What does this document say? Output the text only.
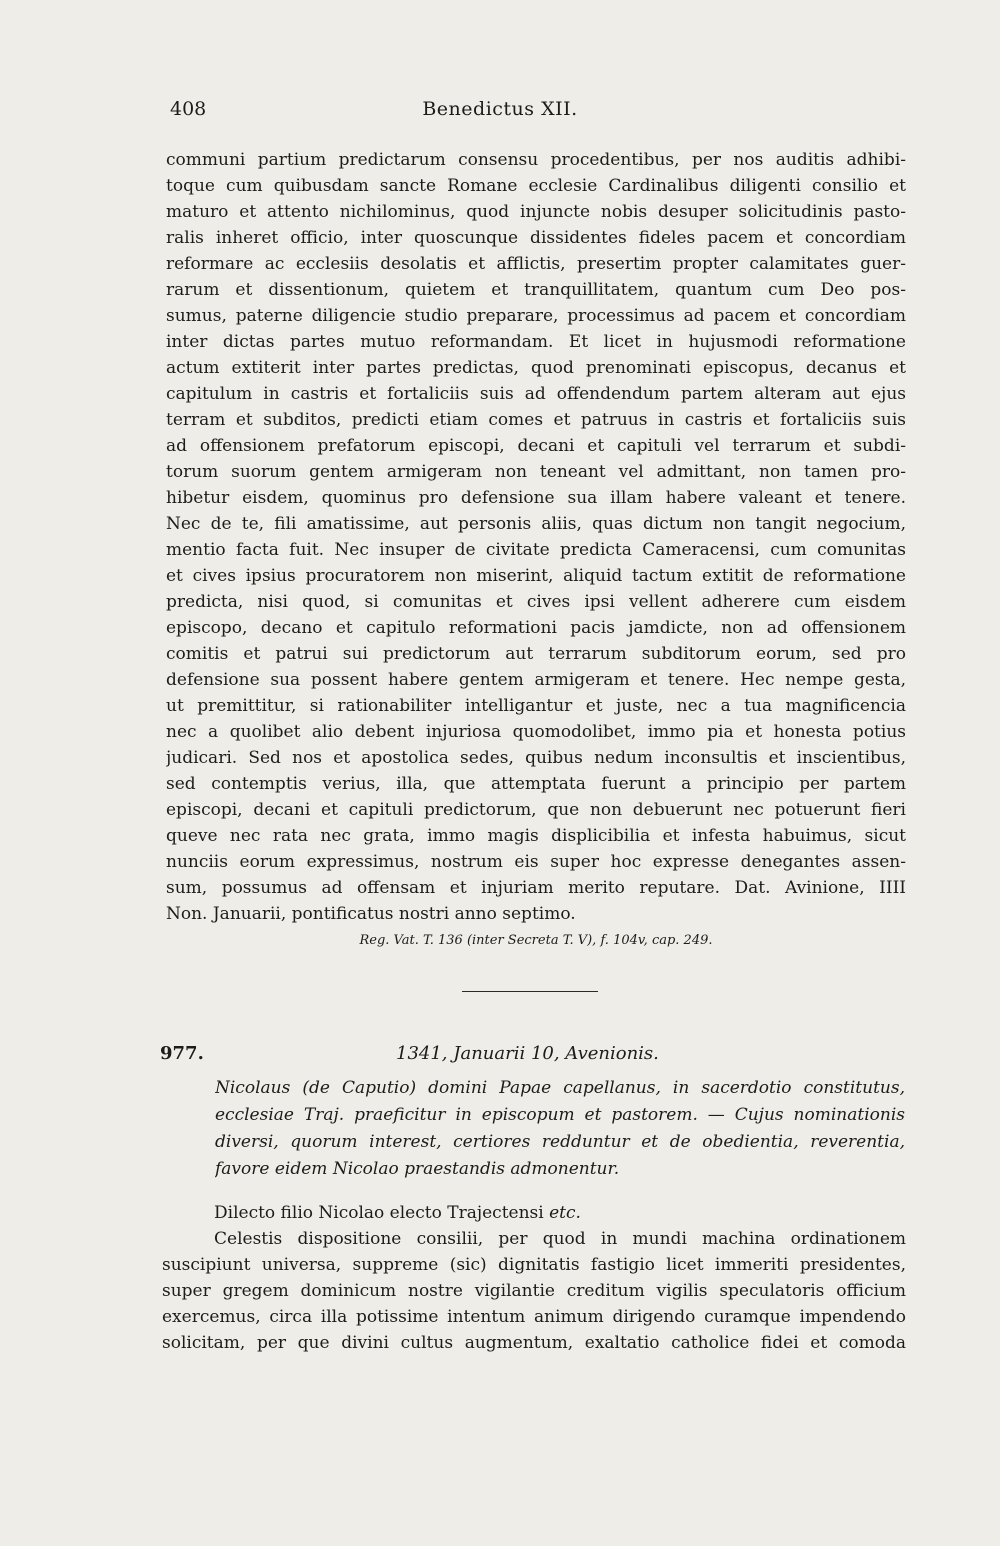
408	Benedictus XII.
communi partium predictarum consensu procedentibus, per nos auditis adhibi-
toque cum quibusdam sancte Romane ecclesie Cardinalibus diligenti consilio et
maturo et attento nichilominus, quod injuncte nobis desuper solicitudinis pasto-
ralis inheret officio, inter quoscunque dissidentes fideles pacem et concordiam
reformare ac ecclesiis desolatis et afflictis, presertim propter calamitates guer-
rarum et dissentionum, quietem et tranquillitatem, quantum cum Deo pos-
sumus, paterne diligencie studio preparare, processimus ad pacem et concordiam
inter dictas partes mutuo reformandam. Et licet in hujusmodi reformatione
actum extiterit inter partes predictas, quod prenominati episcopus, decanus et
capitulum in castris et fortaliciis suis ad offendendum partem alteram aut ejus
terram et subditos, predicti etiam comes et patruus in castris et fortaliciis suis
ad offensionem prefatorum episcopi, decani et capituli vel terrarum et subdi-
torum suorum gentem armigeram non teneant vel admittant, non tamen pro-
hibetur eisdem, quominus pro defensione sua illam habere valeant et tenere.
Nec de te, fili amatissime, aut personis aliis, quas dictum non tangit negocium,
mentio facta fuit. Nec insuper de civitate predicta Cameracensi, cum comunitas
et cives ipsius procuratorem non miserint, aliquid tactum extitit de reformatione
predicta, nisi quod, si comunitas et cives ipsi vellent adherere cum eisdem
episcopo, decano et capitulo reformationi pacis jamdicte, non ad offensionem
comitis et patrui sui predictorum aut terrarum subditorum eorum, sed pro
defensione sua possent habere gentem armigeram et tenere. Hec nempe gesta,
ut premittitur, si rationabiliter intelligantur et juste, nec a tua magnificencia
nec a quolibet alio debent injuriosa quomodolibet, immo pia et honesta potius
judicari. Sed nos et apostolica sedes, quibus nedum inconsultis et inscientibus,
sed contemptis verius, illa, que attemptata fuerunt a principio per partem
episcopi, decani et capituli predictorum, que non debuerunt nec potuerunt fieri
queve nec rata nec grata, immo magis displicibilia et infesta habuimus, sicut
nunciis eorum expressimus, nostrum eis super hoc expresse denegantes assen-
sum, possumus ad offensam et injuriam merito reputare. Dat. Avinione, IIII
Non. Januarii, pontificatus nostri anno septimo.
Reg. Vat. T. 136 (inter Secreta T. V), f. 104v, cap. 249.
977.	1341, Januarii 10, Avenionis.
Nicolaus (de Caputio) domini Papae capellanus, in sacerdotio constitutus,
ecclesiae Traj. praeficitur in episcopum et pastorem. — Cujus nominationis
diversi, quorum interest, certiores redduntur et de obedientia, reverentia,
favore eidem Nicolao praestandis admonentur.
Dilecto filio Nicolao electo Trajectensi etc.
Celestis dispositione consilii, per quod in mundi machina ordinationem
suscipiunt universa, suppreme (sic) dignitatis fastigio licet immeriti presidentes,
super gregem dominicum nostre vigilantie creditum vigilis speculatoris officium
exercemus, circa illa potissime intentum animum dirigendo curamque impendendo
solicitam, per que divini cultus augmentum, exaltatio catholice fidei et comoda
